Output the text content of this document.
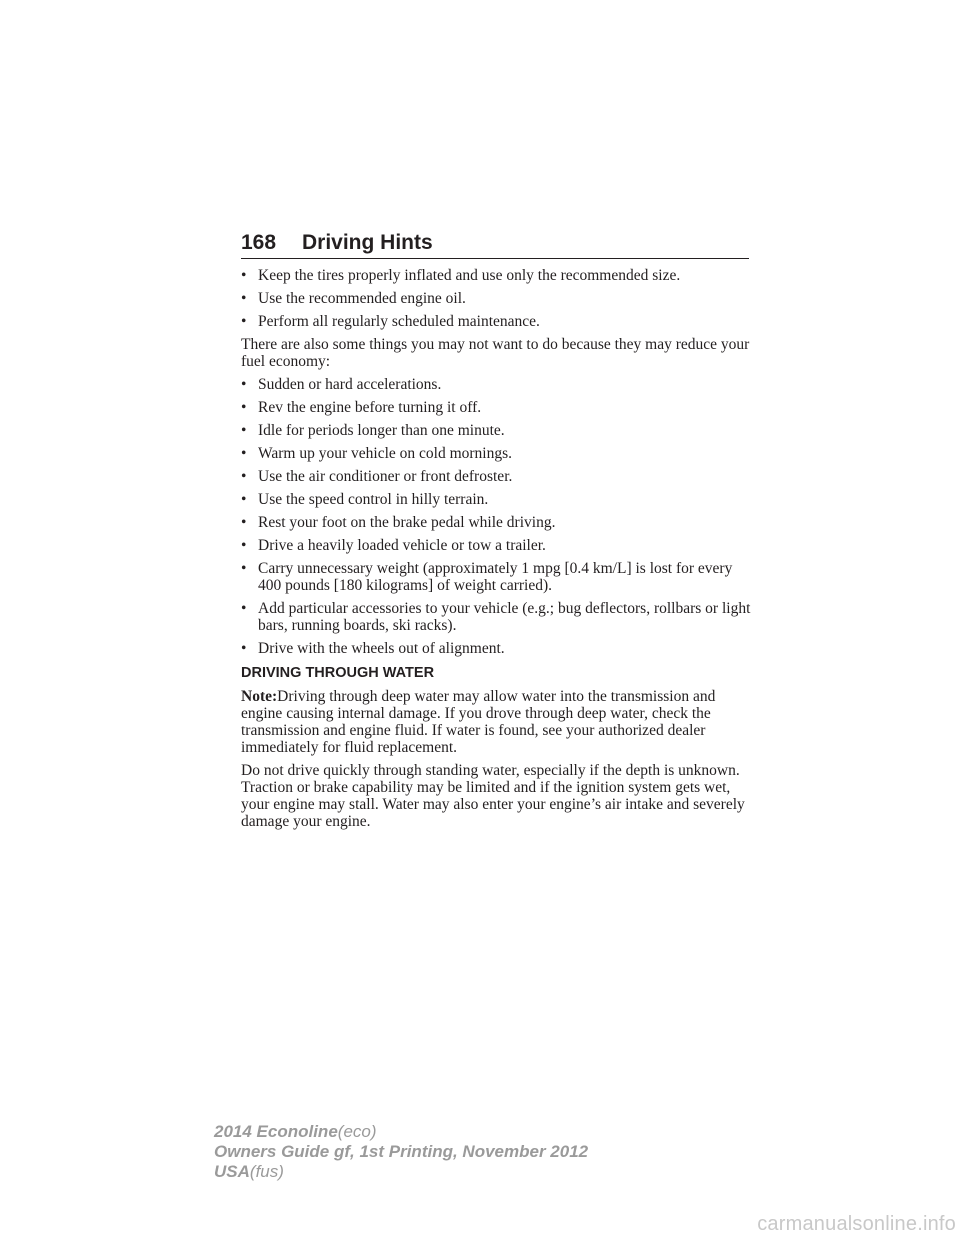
168 Driving Hints
• Keep the tires properly inflated and use only the recommended size.
• Use the recommended engine oil.
• Perform all regularly scheduled maintenance.

There are also some things you may not want to do because they may reduce your fuel economy:

• Sudden or hard accelerations.
• Rev the engine before turning it off.
• Idle for periods longer than one minute.
• Warm up your vehicle on cold mornings.
• Use the air conditioner or front defroster.
• Use the speed control in hilly terrain.
• Rest your foot on the brake pedal while driving.
• Drive a heavily loaded vehicle or tow a trailer.
• Carry unnecessary weight (approximately 1 mpg [0.4 km/L] is lost for every 400 pounds [180 kilograms] of weight carried).
• Add particular accessories to your vehicle (e.g.; bug deflectors, rollbars or light bars, running boards, ski racks).
• Drive with the wheels out of alignment.
DRIVING THROUGH WATER

Note:Driving through deep water may allow water into the transmission and engine causing internal damage. If you drove through deep water, check the transmission and engine fluid. If water is found, see your authorized dealer immediately for fluid replacement.

Do not drive quickly through standing water, especially if the depth is unknown. Traction or brake capability may be limited and if the ignition system gets wet, your engine may stall. Water may also enter your engine’s air intake and severely damage your engine.

2014 Econoline(eco)
Owners Guide gf, 1st Printing, November 2012
USA(fus)
carmanualsonline.info
